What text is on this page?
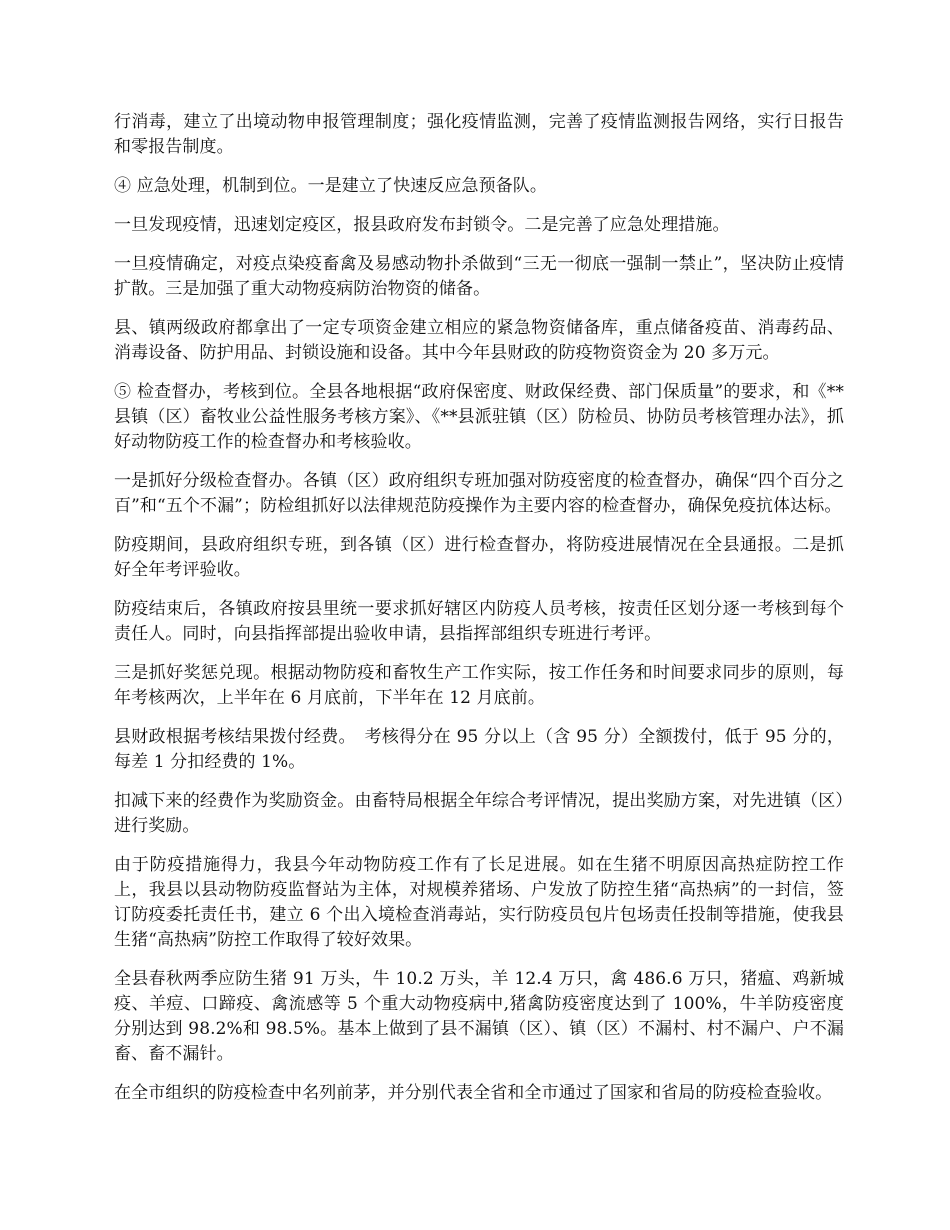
行消毒，建立了出境动物申报管理制度；强化疫情监测，完善了疫情监测报告网络，实行日报告和零报告制度。

④ 应急处理，机制到位。一是建立了快速反应急预备队。

一旦发现疫情，迅速划定疫区，报县政府发布封锁令。二是完善了应急处理措施。

一旦疫情确定，对疫点染疫畜禽及易感动物扑杀做到“三无一彻底一强制一禁止”，坚决防止疫情扩散。三是加强了重大动物疫病防治物资的储备。

县、镇两级政府都拿出了一定专项资金建立相应的紧急物资储备库，重点储备疫苗、消毒药品、消毒设备、防护用品、封锁设施和设备。其中今年县财政的防疫物资资金为 20 多万元。

⑤ 检查督办，考核到位。全县各地根据“政府保密度、财政保经费、部门保质量”的要求，和《**县镇（区）畜牧业公益性服务考核方案》、《**县派驻镇（区）防检员、协防员考核管理办法》，抓好动物防疫工作的检查督办和考核验收。

一是抓好分级检查督办。各镇（区）政府组织专班加强对防疫密度的检查督办，确保“四个百分之百”和“五个不漏”；防检组抓好以法律规范防疫操作为主要内容的检查督办，确保免疫抗体达标。

防疫期间，县政府组织专班，到各镇（区）进行检查督办，将防疫进展情况在全县通报。二是抓好全年考评验收。

防疫结束后，各镇政府按县里统一要求抓好辖区内防疫人员考核，按责任区划分逐一考核到每个责任人。同时，向县指挥部提出验收申请，县指挥部组织专班进行考评。

三是抓好奖惩兑现。根据动物防疫和畜牧生产工作实际，按工作任务和时间要求同步的原则，每年考核两次，上半年在 6 月底前，下半年在 12 月底前。

县财政根据考核结果拨付经费。　考核得分在 95 分以上（含 95 分）全额拨付，低于 95 分的，每差 1 分扣经费的 1%。

扣减下来的经费作为奖励资金。由畜特局根据全年综合考评情况，提出奖励方案，对先进镇（区）进行奖励。

由于防疫措施得力，我县今年动物防疫工作有了长足进展。如在生猪不明原因高热症防控工作上，我县以县动物防疫监督站为主体，对规模养猪场、户发放了防控生猪“高热病”的一封信，签订防疫委托责任书，建立 6 个出入境检查消毒站，实行防疫员包片包场责任投制等措施，使我县生猪“高热病”防控工作取得了较好效果。

全县春秋两季应防生猪 91 万头，牛 10.2 万头，羊 12.4 万只，禽 486.6 万只，猪瘟、鸡新城疫、羊痘、口蹄疫、禽流感等 5 个重大动物疫病中,猪禽防疫密度达到了 100%，牛羊防疫密度分别达到 98.2%和 98.5%。基本上做到了县不漏镇（区）、镇（区）不漏村、村不漏户、户不漏畜、畜不漏针。

在全市组织的防疫检查中名列前茅，并分别代表全省和全市通过了国家和省局的防疫检查验收。
